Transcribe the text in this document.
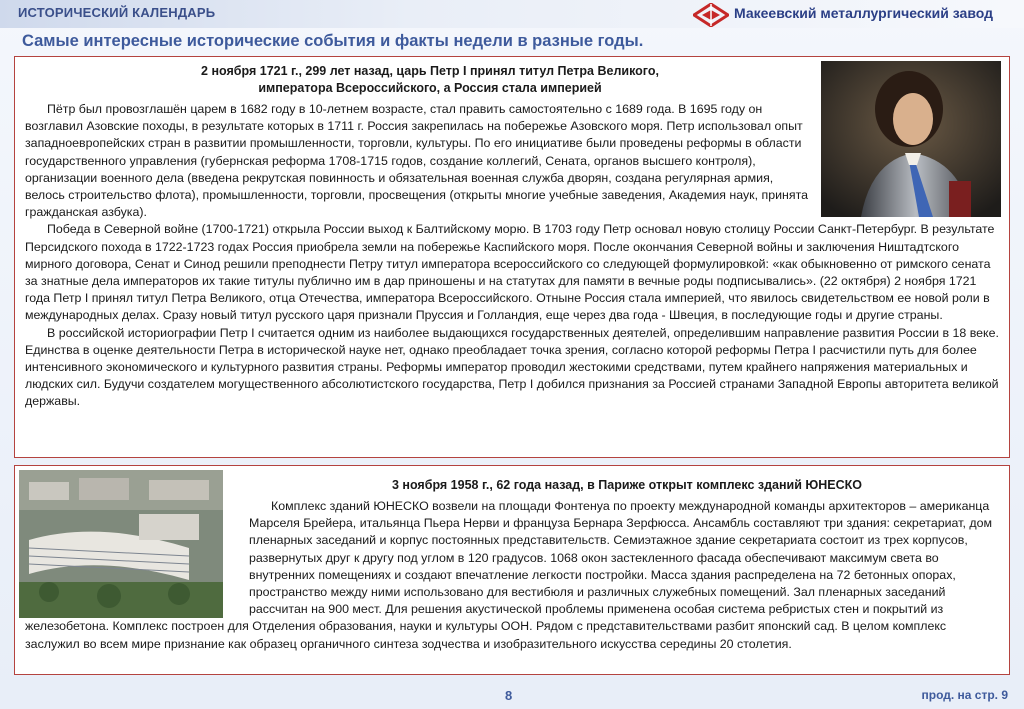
ИСТОРИЧЕСКИЙ КАЛЕНДАРЬ	Макеевский металлургический завод
Самые интересные исторические события и факты недели в разные годы.
2 ноября 1721 г., 299 лет назад, царь Петр I принял титул Петра Великого,
императора Всероссийского, а Россия стала империей

Пётр был провозглашён царем в 1682 году в 10-летнем возрасте, стал править самостоятельно с 1689 года. В 1695 году он возглавил Азовские походы, в результате которых в 1711 г. Россия закрепилась на побережье Азовского моря. Петр использовал опыт западноевропейских стран в развитии промышленности, торговли, культуры. По его инициативе были проведены реформы в области государственного управления (губернская реформа 1708-1715 годов, создание коллегий, Сената, органов высшего контроля), организации военного дела (введена рекрутская повинность и обязательная военная служба дворян, создана регулярная армия, велось строительство флота), промышленности, торговли, просвещения (открыты многие учебные заведения, Академия наук, принята гражданская азбука).

Победа в Северной войне (1700-1721) открыла России выход к Балтийскому морю. В 1703 году Петр основал новую столицу России Санкт-Петербург. В результате Персидского похода в 1722-1723 годах Россия приобрела земли на побережье Каспийского моря. После окончания Северной войны и заключения Ништадтского мирного договора, Сенат и Синод решили преподнести Петру титул императора всероссийского со следующей формулировкой: «как обыкновенно от римского сената за знатные дела императоров их такие титулы публично им в дар приношены и на статутах для памяти в вечные роды подписывались». (22 октября) 2 ноября 1721 года Петр I принял титул Петра Великого, отца Отечества, императора Всероссийского. Отныне Россия стала империей, что явилось свидетельством ее новой роли в международных делах. Сразу новый титул русского царя признали Пруссия и Голландия, еще через два года - Швеция, в последующие годы и другие страны.

В российской историографии Петр I считается одним из наиболее выдающихся государственных деятелей, определившим направление развития России в 18 веке. Единства в оценке деятельности Петра в исторической науке нет, однако преобладает точка зрения, согласно которой реформы Петра I расчистили путь для более интенсивного экономического и культурного развития страны. Реформы император проводил жестокими средствами, путем крайнего напряжения материальных и людских сил. Будучи создателем могущественного абсолютистского государства, Петр I добился признания за Россией странами Западной Европы авторитета великой державы.

3 ноября 1958 г., 62 года назад, в Париже открыт комплекс зданий ЮНЕСКО

Комплекс зданий ЮНЕСКО возвели на площади Фонтенуа по проекту международной команды архитекторов – американца Марселя Брейера, итальянца Пьера Нерви и француза Бернара Зерфюсса. Ансамбль составляют три здания: секретариат, дом пленарных заседаний и корпус постоянных представительств. Семиэтажное здание секретариата состоит из трех корпусов, развернутых друг к другу под углом в 120 градусов. 1068 окон застекленного фасада обеспечивают максимум света во внутренних помещениях и создают впечатление легкости постройки. Масса здания распределена на 72 бетонных опорах, пространство между ними использовано для вестибюля и различных служебных помещений. Зал пленарных заседаний рассчитан на 900 мест. Для решения акустической проблемы применена особая система ребристых стен и покрытий из железобетона. Комплекс построен для Отделения образования, науки и культуры ООН. Рядом с представительствами разбит японский сад. В целом комплекс заслужил во всем мире признание как образец органичного синтеза зодчества и изобразительного искусства середины 20 столетия.

8	прод. на стр. 9
